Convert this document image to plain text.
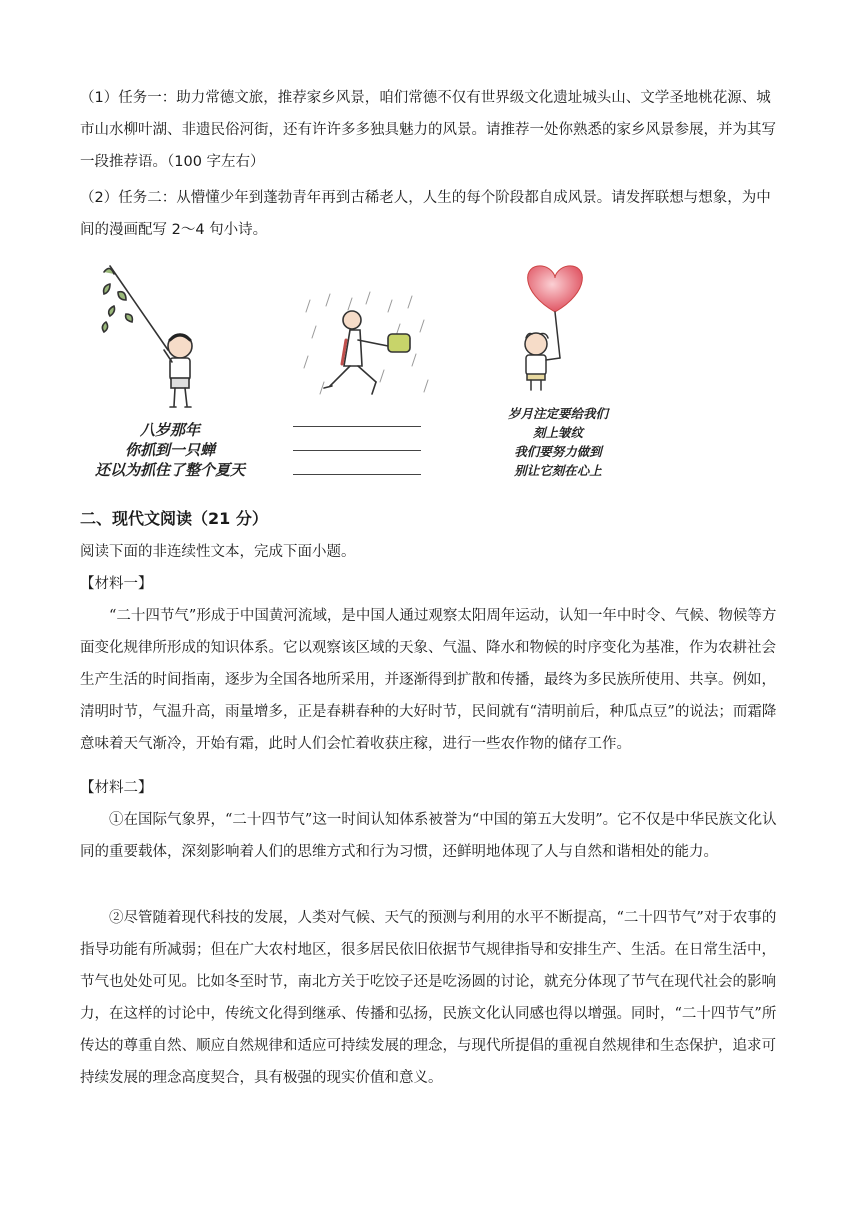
（1）任务一：助力常德文旅，推荐家乡风景，咱们常德不仅有世界级文化遗址城头山、文学圣地桃花源、城市山水柳叶湖、非遗民俗河街，还有许许多多独具魅力的风景。请推荐一处你熟悉的家乡风景参展，并为其写一段推荐语。（100 字左右）
（2）任务二：从懵懂少年到蓬勃青年再到古稀老人，人生的每个阶段都自成风景。请发挥联想与想象，为中间的漫画配写 2～4 句小诗。
八岁那年
你抓到一只蝉
还以为抓住了整个夏天
岁月注定要给我们
刻上皱纹
我们要努力做到
别让它刻在心上
二、现代文阅读（21 分）
阅读下面的非连续性文本，完成下面小题。
【材料一】
“二十四节气”形成于中国黄河流域，是中国人通过观察太阳周年运动，认知一年中时令、气候、物候等方面变化规律所形成的知识体系。它以观察该区域的天象、气温、降水和物候的时序变化为基准，作为农耕社会生产生活的时间指南，逐步为全国各地所采用，并逐渐得到扩散和传播，最终为多民族所使用、共享。例如，清明时节，气温升高，雨量增多，正是春耕春种的大好时节，民间就有“清明前后，种瓜点豆”的说法；而霜降意味着天气渐冷，开始有霜，此时人们会忙着收获庄稼，进行一些农作物的储存工作。
【材料二】
①在国际气象界，“二十四节气”这一时间认知体系被誉为“中国的第五大发明”。它不仅是中华民族文化认同的重要载体，深刻影响着人们的思维方式和行为习惯，还鲜明地体现了人与自然和谐相处的能力。
②尽管随着现代科技的发展，人类对气候、天气的预测与利用的水平不断提高，“二十四节气”对于农事的指导功能有所减弱；但在广大农村地区，很多居民依旧依据节气规律指导和安排生产、生活。在日常生活中，节气也处处可见。比如冬至时节，南北方关于吃饺子还是吃汤圆的讨论，就充分体现了节气在现代社会的影响力，在这样的讨论中，传统文化得到继承、传播和弘扬，民族文化认同感也得以增强。同时，“二十四节气”所传达的尊重自然、顺应自然规律和适应可持续发展的理念，与现代所提倡的重视自然规律和生态保护，追求可持续发展的理念高度契合，具有极强的现实价值和意义。
